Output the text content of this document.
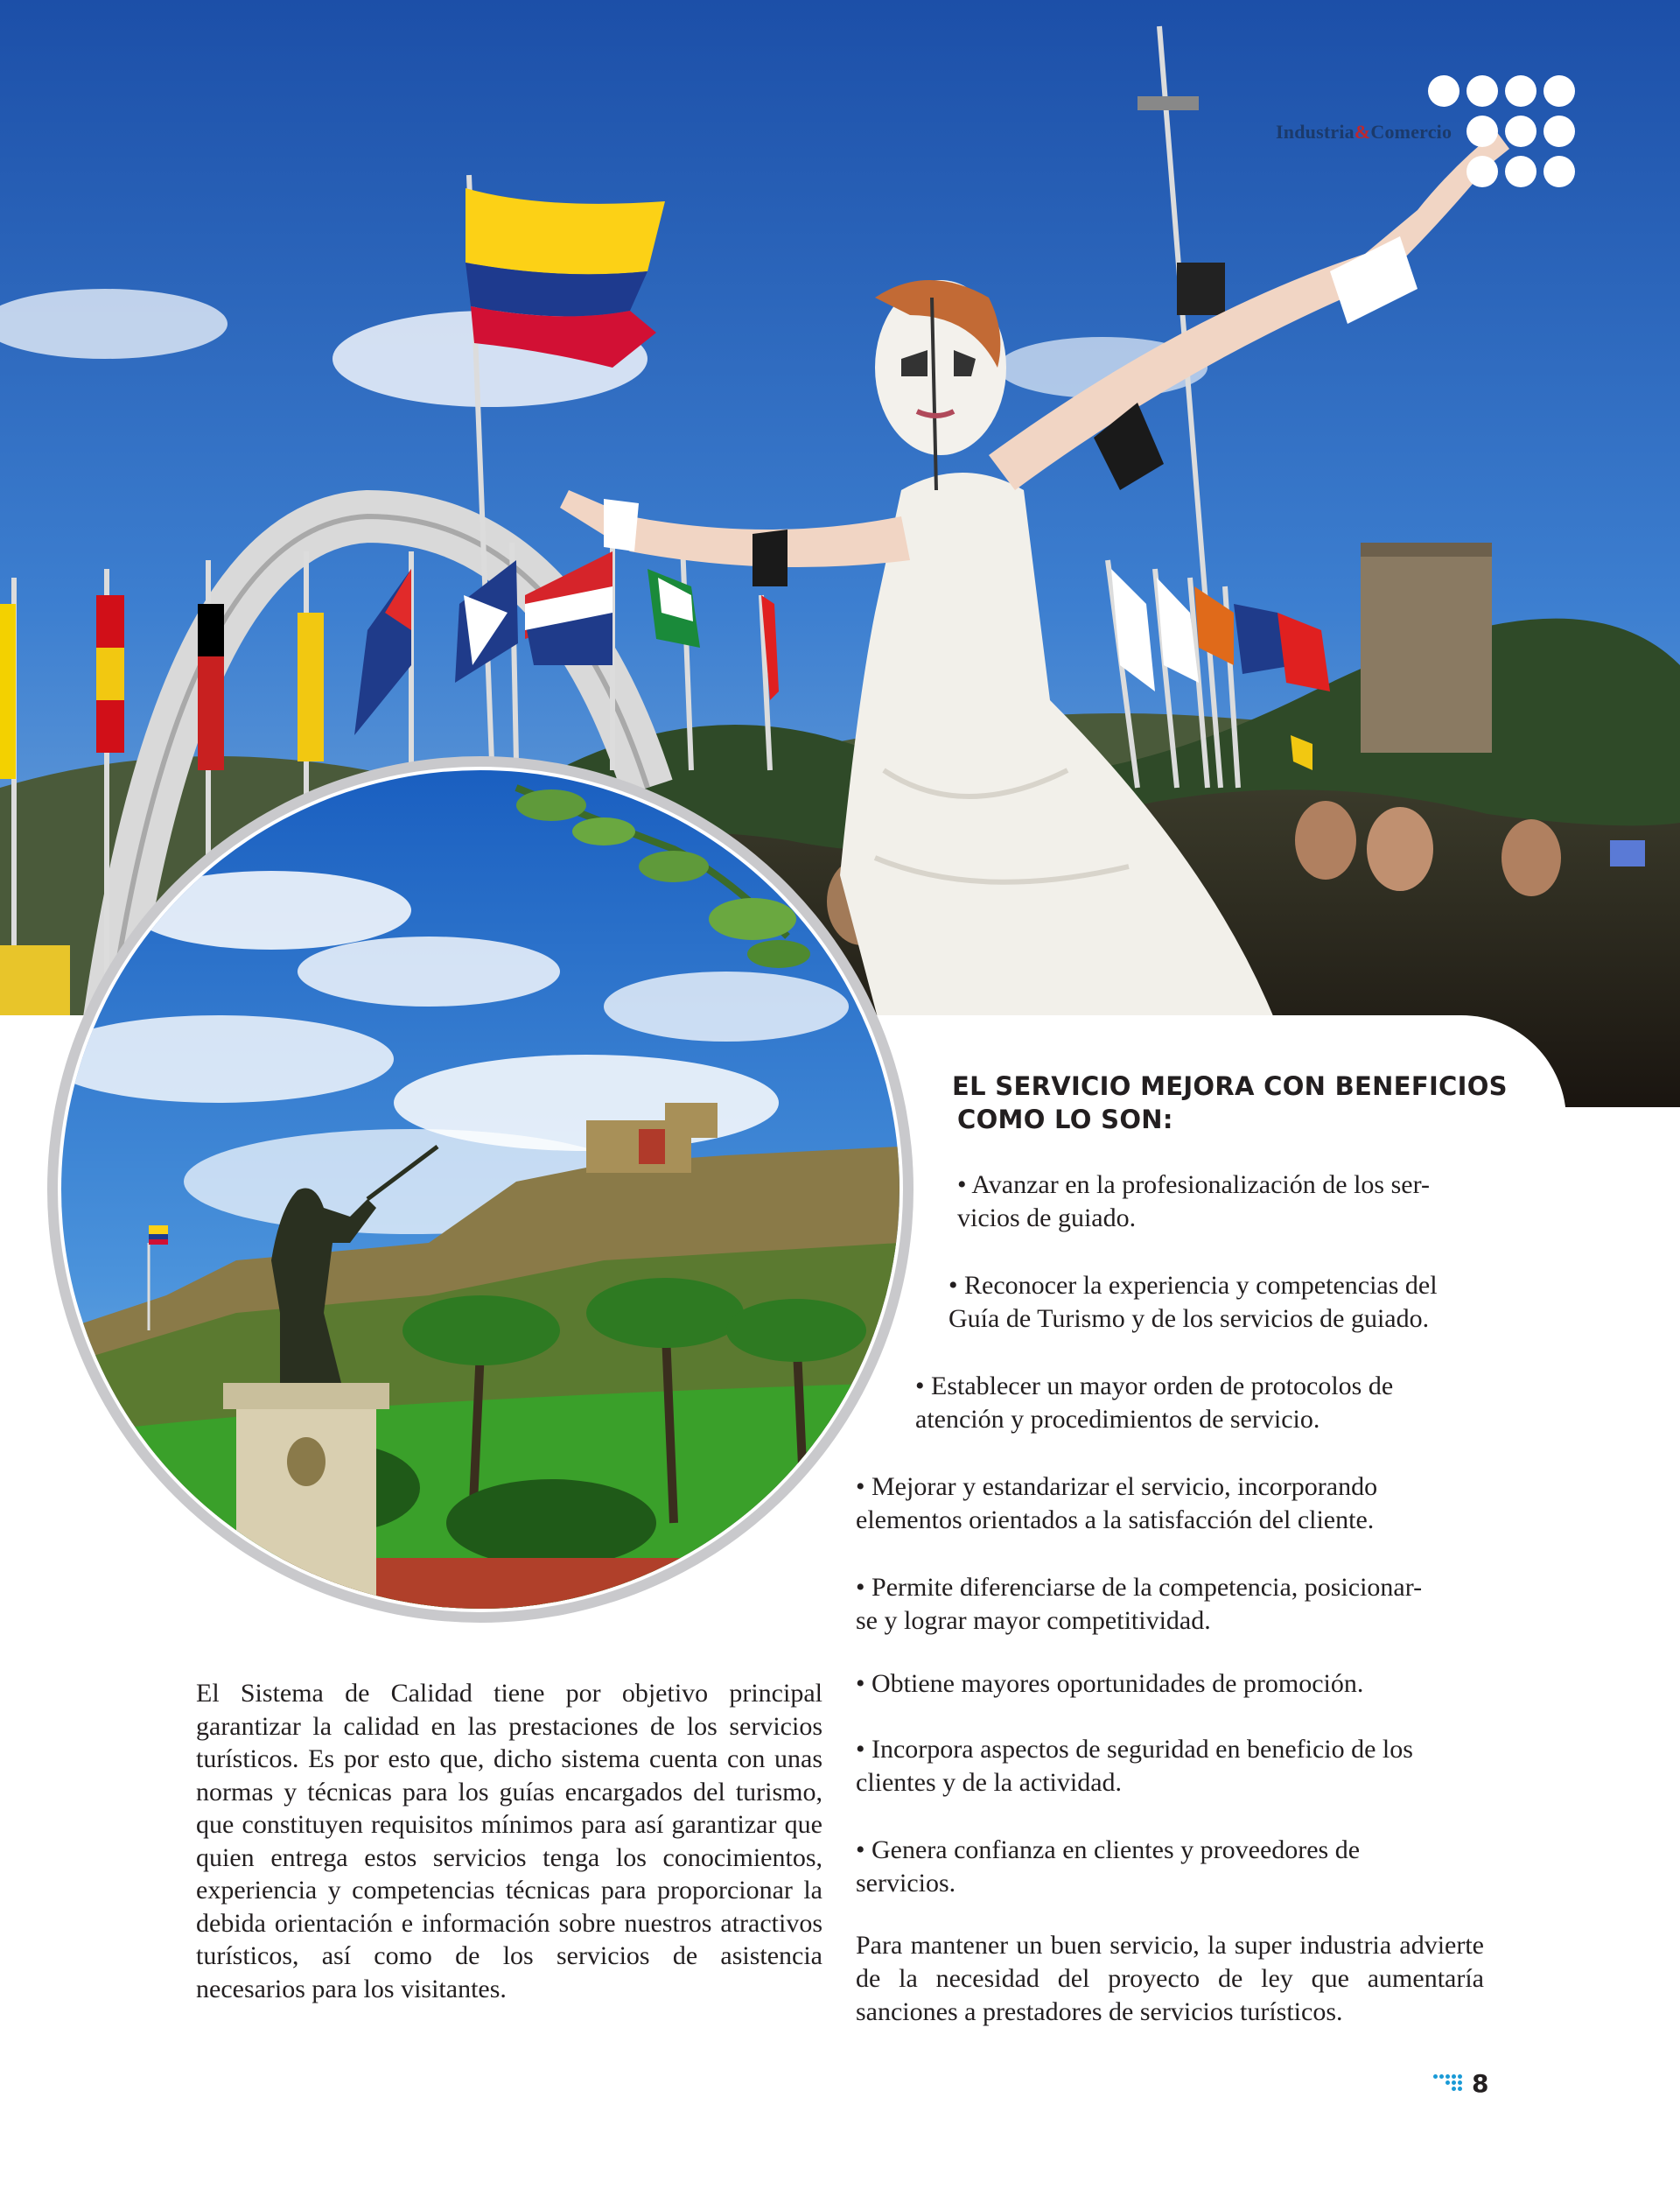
Industria&Comercio
EL SERVICIO MEJORA CON BENEFICIOS
COMO LO SON:
• Avanzar en la profesionalización de los ser-
vicios de guiado.
• Reconocer la experiencia y competencias del
Guía de Turismo y de los servicios de guiado.
• Establecer un mayor orden de protocolos de
atención y procedimientos de servicio.
• Mejorar y estandarizar el servicio, incorporando
elementos orientados a la satisfacción del cliente.
• Permite diferenciarse de la competencia, posicionar-
se y lograr mayor competitividad.
• Obtiene mayores oportunidades de promoción.
• Incorpora aspectos de seguridad en beneficio de los
clientes y de la actividad.
• Genera confianza en clientes y proveedores de
servicios.
Para mantener un buen servicio, la super industria advierte de la necesidad del proyecto de ley que aumentaría sanciones a prestadores de servicios turísticos.
El Sistema de Calidad tiene por objetivo principal garantizar la calidad en las prestaciones de los servicios turísticos. Es por esto que, dicho sistema cuenta con unas normas y técnicas para los guías encargados del turismo, que constituyen requisitos mínimos para así garantizar que quien entrega estos servicios tenga los conocimientos, experiencia y competencias técnicas para proporcionar la debida orientación e información sobre nuestros atractivos turísticos, así como de los servicios de asistencia necesarios para los visitantes.
8
